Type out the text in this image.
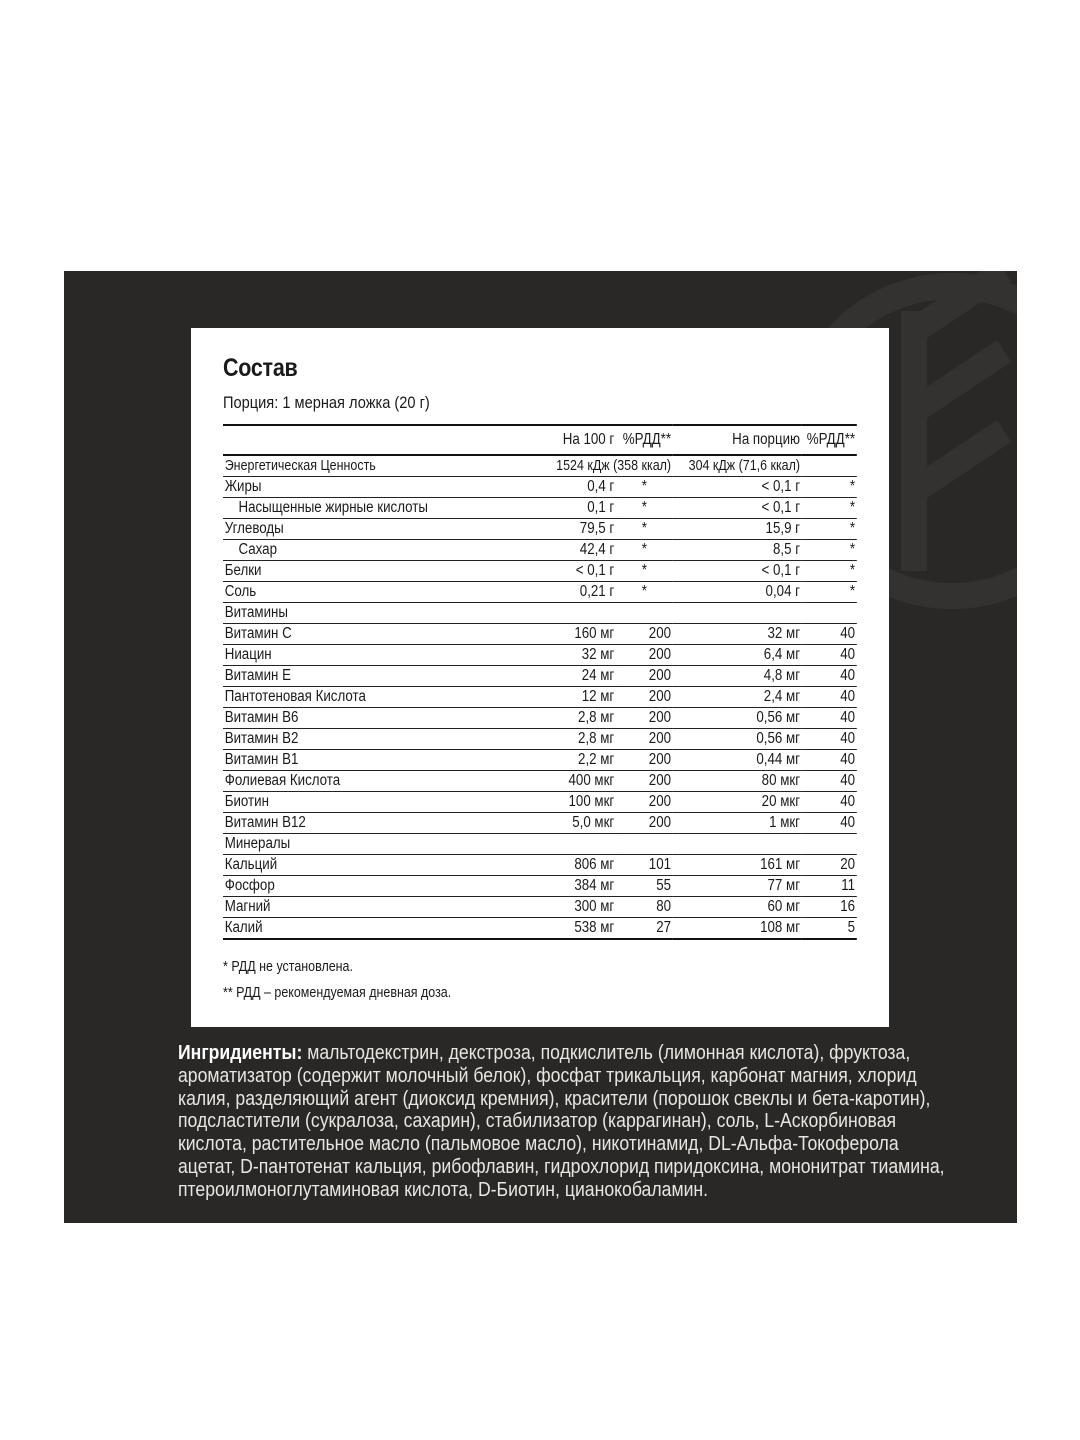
Состав
Порция: 1 мерная ложка (20 г)
	На 100 г	%РДД**	На порцию	%РДД**
Энергетическая Ценность	1524 кДж (358 ккал)		304 кДж (71,6 ккал)	
Жиры	0,4 г	*	< 0,1 г	*
Насыщенные жирные кислоты	0,1 г	*	< 0,1 г	*
Углеводы	79,5 г	*	15,9 г	*
Сахар	42,4 г	*	8,5 г	*
Белки	< 0,1 г	*	< 0,1 г	*
Соль	0,21 г	*	0,04 г	*
Витамины				
Витамин С	160 мг	200	32 мг	40
Ниацин	32 мг	200	6,4 мг	40
Витамин Е	24 мг	200	4,8 мг	40
Пантотеновая Кислота	12 мг	200	2,4 мг	40
Витамин В6	2,8 мг	200	0,56 мг	40
Витамин В2	2,8 мг	200	0,56 мг	40
Витамин В1	2,2 мг	200	0,44 мг	40
Фолиевая Кислота	400 мкг	200	80 мкг	40
Биотин	100 мкг	200	20 мкг	40
Витамин В12	5,0 мкг	200	1 мкг	40
Минералы				
Кальций	806 мг	101	161 мг	20
Фосфор	384 мг	55	77 мг	11
Магний	300 мг	80	60 мг	16
Калий	538 мг	27	108 мг	5
* РДД не установлена.
** РДД – рекомендуемая дневная доза.
Ингридиенты: мальтодекстрин, декстроза, подкислитель (лимонная кислота), фруктоза,
ароматизатор (содержит молочный белок), фосфат трикальция, карбонат магния, хлорид
калия, разделяющий агент (диоксид кремния), красители (порошок свеклы и бета-каротин),
подсластители (сукралоза, сахарин), стабилизатор (каррагинан), соль, L-Аскорбиновая
кислота, растительное масло (пальмовое масло), никотинамид, DL-Альфа-Токоферола
ацетат, D-пантотенат кальция, рибофлавин, гидрохлорид пиридоксина, мононитрат тиамина,
птероилмоноглутаминовая кислота, D-Биотин, цианокобаламин.
